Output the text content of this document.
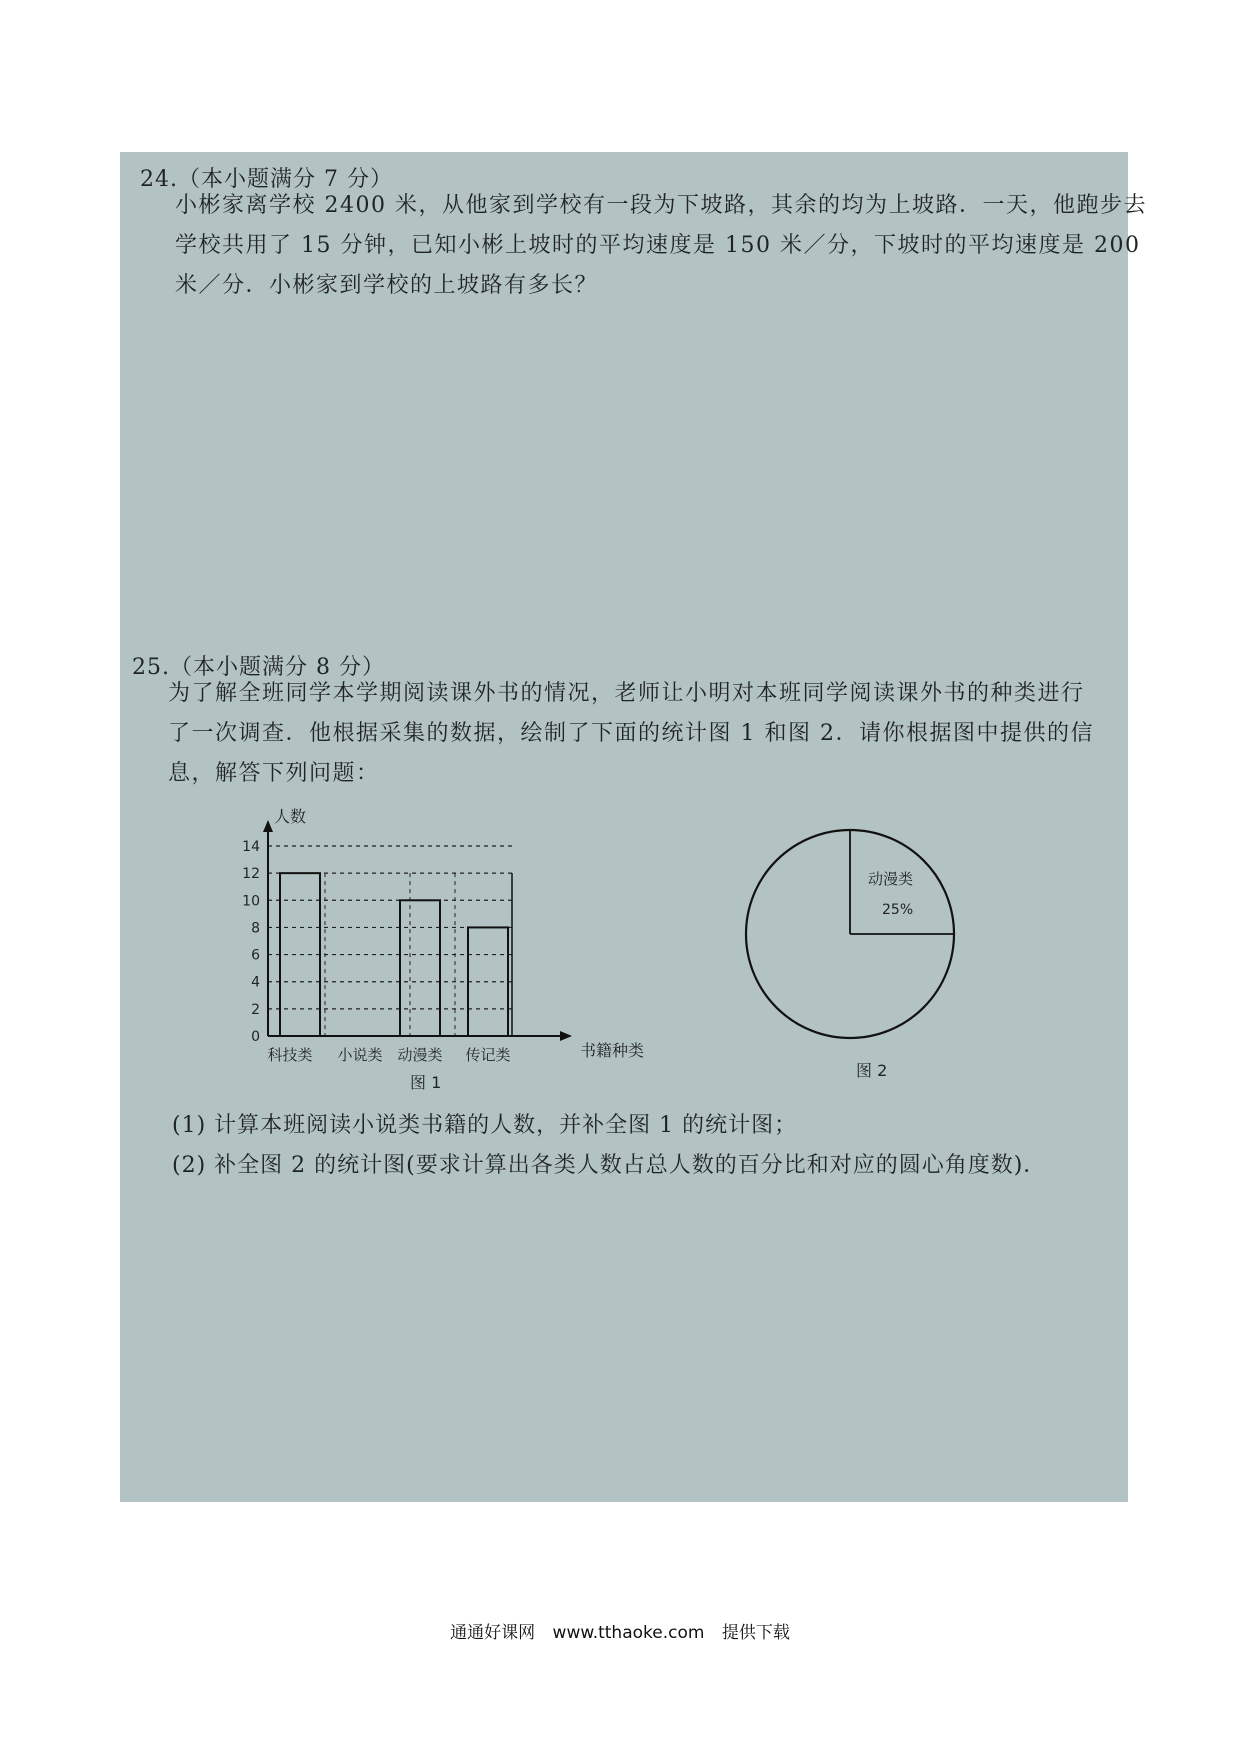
24.（本小题满分 7 分）
小彬家离学校 2400 米，从他家到学校有一段为下坡路，其余的均为上坡路．一天，他跑步去
学校共用了 15 分钟，已知小彬上坡时的平均速度是 150 米／分，下坡时的平均速度是 200
米／分．小彬家到学校的上坡路有多长？
25.（本小题满分 8 分）
为了解全班同学本学期阅读课外书的情况，老师让小明对本班同学阅读课外书的种类进行
了一次调查．他根据采集的数据，绘制了下面的统计图 1 和图 2．请你根据图中提供的信
息，解答下列问题：
0
2
4
6
8
10
12
14
科技类 小说类 动漫类 传记类
人数
书籍种类
图 1
动漫类
25%
图 2
(1) 计算本班阅读小说类书籍的人数，并补全图 1 的统计图；
(2) 补全图 2 的统计图(要求计算出各类人数占总人数的百分比和对应的圆心角度数)．
通通好课网 www.tthaoke.com 提供下载
